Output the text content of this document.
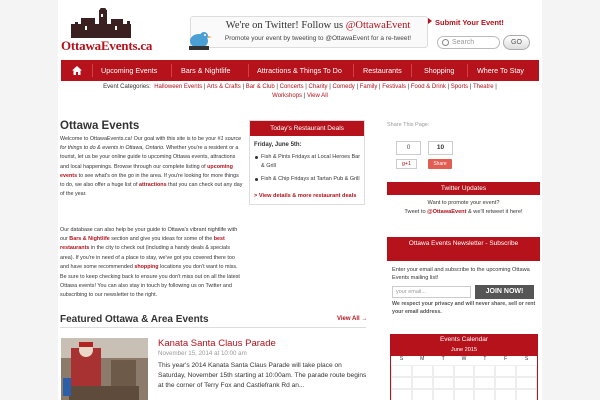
OttawaEvents.ca
We're on Twitter! Follow us @OttawaEvent
Promote your event by tweeting to @OttawaEvent for a re-tweet!
Submit Your Event!
Search	GO
Upcoming Events	Bars & Nightlife	Attractions & Things To Do	Restaurants	Shopping	Where To Stay
Event Categories: Halloween Events | Arts & Crafts | Bar & Club | Concerts | Charity | Comedy | Family | Festivals | Food & Drink | Sports | Theatre |
Workshops | View All
Ottawa Events
Welcome to OttawaEvents.ca! Our goal with this site is to be your #1 source for things to do & events in Ottawa, Ontario. Whether you're a resident or a tourist, let us be your online guide to upcoming Ottawa events, attractions and local happenings. Browse through our complete listing of upcoming events to see what's on the go in the area. If you're looking for more things to do, we also offer a huge list of attractions that you can check out any day of the year.
Our database can also help be your guide to Ottawa's vibrant nightlife with our Bars & Nightlife section and give you ideas for some of the best restaurants in the city to check out (including a handy deals & specials area). If you're in need of a place to stay, we've got you covered there too and have some recommended shopping locations you don't want to miss.
Be sure to keep checking back to ensure you don't miss out on all the latest Ottawa events! You can also stay in touch by following us on Twitter and subscribing to our newsletter to the right.
Today's Restaurant Deals
Friday, June 5th:
Fish & Pints Fridays at Local Heroes Bar & Grill
Fish & Chip Fridays at Tartan Pub & Grill
> View details & more restaurant deals
Featured Ottawa & Area Events	View All →
Kanata Santa Claus Parade
November 15, 2014 at 10:00 am
This year's 2014 Kanata Santa Claus Parade will take place on Saturday, November 15th starting at 10:00am. The parade route begins at the corner of Terry Fox and Castlefrank Rd an...
Share This Page:
0	10
g+1	Share
Twitter Updates
Want to promote your event?
Tweet to @OttawaEvent & we'll retweet it here!
Ottawa Events Newsletter - Subscribe
Enter your email and subscribe to the upcoming Ottawa Events mailing list!
your email...	JOIN NOW!
We respect your privacy and will never share, sell or rent your email address.
Events Calendar
June 2015
S	M	T	W	T	F	S
